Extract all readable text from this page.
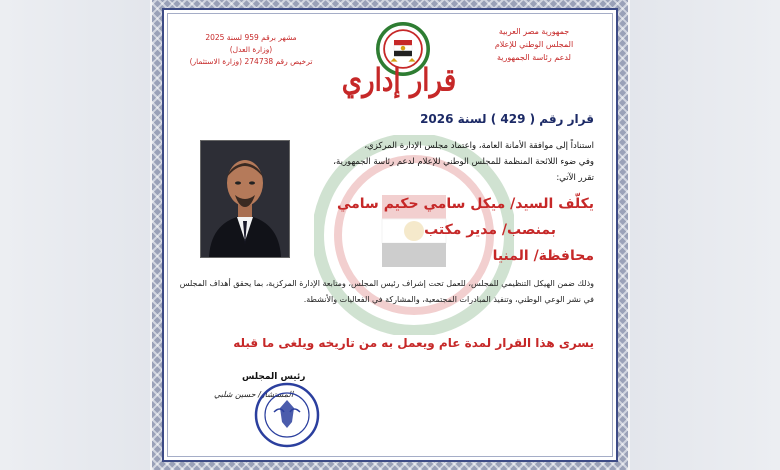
جمهورية مصر العربية
المجلس الوطني للإعلام
لدعم رئاسة الجمهورية
مشهر برقم 959 لسنة 2025
(وزارة العدل)
ترخيص رقم 274738 (وزارة الاستثمار)
قرار إداري
قرار رقم ( 429 ) لسنة 2026
استناداً إلى موافقة الأمانة العامة، واعتماد مجلس الإدارة المركزي،
وفي ضوء اللائحة المنظمة للمجلس الوطني للإعلام لدعم رئاسة الجمهورية،
تقرر الآتي:
يكلّف السيد/ ميكل سامي حكيم سامي
بمنصب/ مدير مكتب
محافظة/ المنيا
وذلك ضمن الهيكل التنظيمي للمجلس، للعمل تحت إشراف رئيس المجلس، ومتابعة الإدارة المركزية، بما يحقق أهداف المجلس في نشر الوعي الوطني، وتنفيذ المبادرات المجتمعية، والمشاركة في الفعاليات والأنشطة.
يسرى هذا القرار لمدة عام ويعمل به من تاريخه ويلغى ما قبله
رئيس المجلس
المستشار/ حسين شلبي
